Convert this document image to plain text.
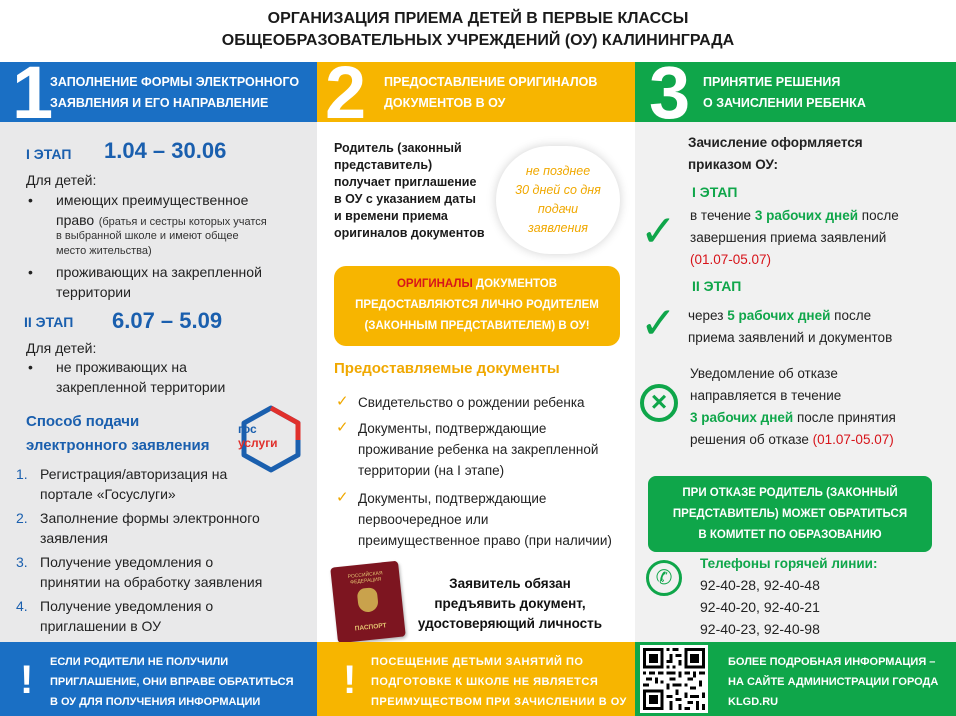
ОРГАНИЗАЦИЯ ПРИЕМА ДЕТЕЙ В ПЕРВЫЕ КЛАССЫ
ОБЩЕОБРАЗОВАТЕЛЬНЫХ УЧРЕЖДЕНИЙ (ОУ) КАЛИНИНГРАДА
1
ЗАПОЛНЕНИЕ ФОРМЫ ЭЛЕКТРОННОГО
ЗАЯВЛЕНИЯ И ЕГО НАПРАВЛЕНИЕ 2 ПРЕДОСТАВЛЕНИЕ ОРИГИНАЛОВ
ДОКУМЕНТОВ В ОУ	3 ПРИНЯТИЕ РЕШЕНИЯ
О ЗАЧИСЛЕНИИ РЕБЕНКА
I ЭТАП 1.04 – 30.06
Для детей:
• имеющих преимущественное
право (братья и сестры которых учатся
в выбранной школе и имеют общее
место жительства)
• проживающих на закрепленной
территории
II ЭТАП 6.07 – 5.09
Для детей:
• не проживающих на
закрепленной территории
Способ подачи
электронного заявления
гос
услуги
1. Регистрация/авторизация на
портале «Госуслуги»
2. Заполнение формы электронного
заявления
3. Получение уведомления о
принятии на обработку заявления
4. Получение уведомления о
приглашении в ОУ
Родитель (законный
представитель)
получает приглашение
в ОУ с указанием даты
и времени приема
оригиналов документов
не позднее
30 дней со дня
подачи
заявления
ОРИГИНАЛЫ ДОКУМЕНТОВ
ПРЕДОСТАВЛЯЮТСЯ ЛИЧНО РОДИТЕЛЕМ
(ЗАКОННЫМ ПРЕДСТАВИТЕЛЕМ) В ОУ!
Предоставляемые документы
✓ Свидетельство о рождении ребенка
✓ Документы, подтверждающие
проживание ребенка на закрепленной
территории (на I этапе)
✓ Документы, подтверждающие
первоочередное или
преимущественное право (при наличии)
РОССИЙСКАЯ ФЕДЕРАЦИЯ
ПАСПОРТ
Заявитель обязан
предъявить документ,
удостоверяющий личность
Зачисление оформляется
приказом ОУ:
I ЭТАП
✓ в течение 3 рабочих дней после
завершения приема заявлений
(01.07-05.07)
II ЭТАП
✓ через 5 рабочих дней после
приема заявлений и документов
×
Уведомление об отказе
направляется в течение
3 рабочих дней после принятия
решения об отказе (01.07-05.07)
ПРИ ОТКАЗЕ РОДИТЕЛЬ (ЗАКОННЫЙ
ПРЕДСТАВИТЕЛЬ) МОЖЕТ ОБРАТИТЬСЯ
В КОМИТЕТ ПО ОБРАЗОВАНИЮ
✆
Телефоны горячей линии:
92-40-28, 92-40-48
92-40-20, 92-40-21
92-40-23, 92-40-98
! ЕСЛИ РОДИТЕЛИ НЕ ПОЛУЧИЛИ
ПРИГЛАШЕНИЕ, ОНИ ВПРАВЕ ОБРАТИТЬСЯ
В ОУ ДЛЯ ПОЛУЧЕНИЯ ИНФОРМАЦИИ	! ПОСЕЩЕНИЕ ДЕТЬМИ ЗАНЯТИЙ ПО
ПОДГОТОВКЕ К ШКОЛЕ НЕ ЯВЛЯЕТСЯ
ПРЕИМУЩЕСТВОМ ПРИ ЗАЧИСЛЕНИИ В ОУ
БОЛЕЕ ПОДРОБНАЯ ИНФОРМАЦИЯ –
НА САЙТЕ АДМИНИСТРАЦИИ ГОРОДА
KLGD.RU
